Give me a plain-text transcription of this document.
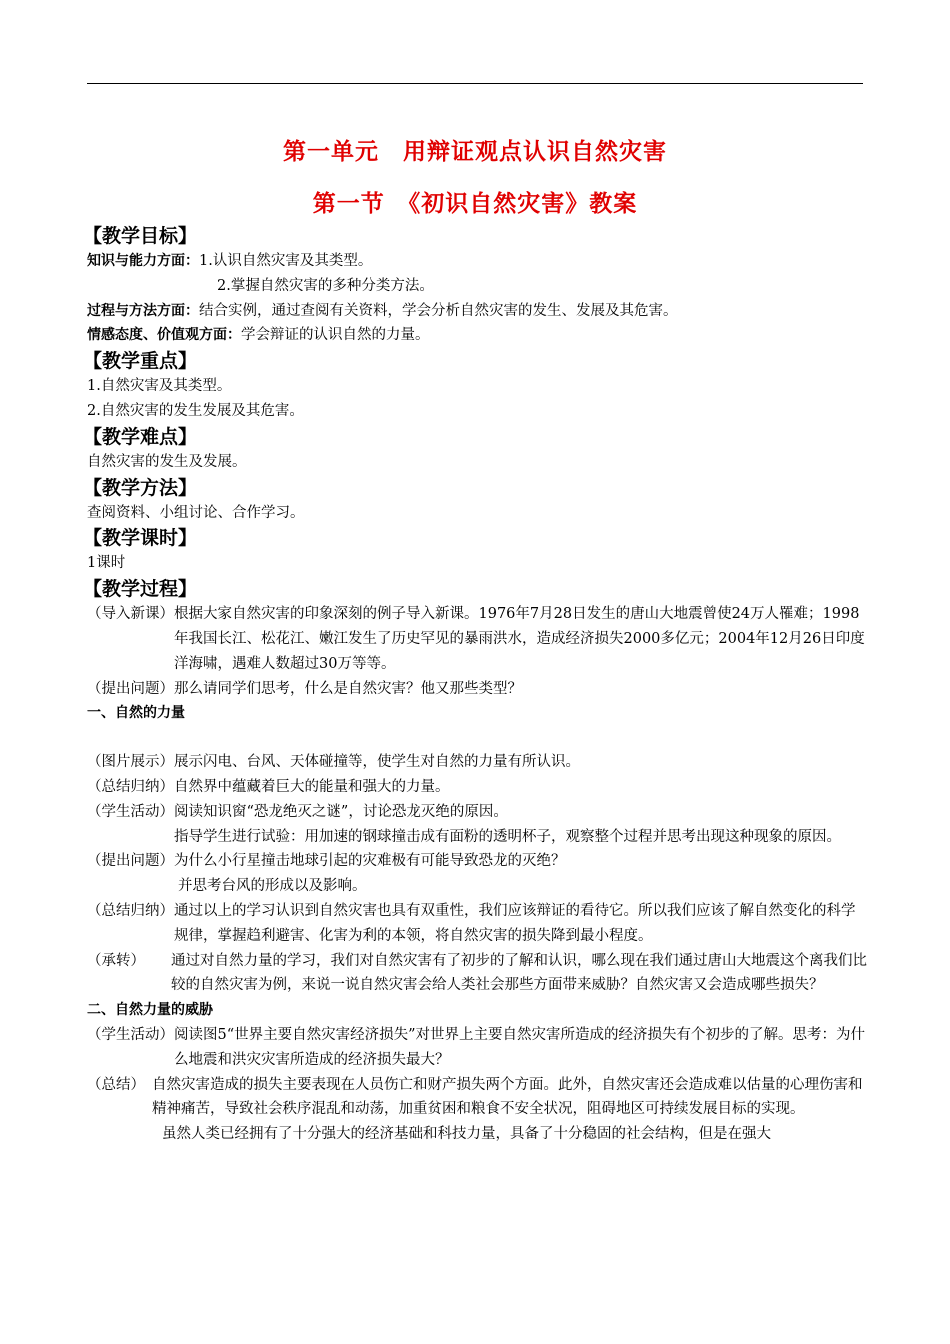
第一单元　用辩证观点认识自然灾害
第一节　《初识自然灾害》教案
【教学目标】
知识与能力方面：1.认识自然灾害及其类型。
2.掌握自然灾害的多种分类方法。
过程与方法方面：结合实例，通过查阅有关资料，学会分析自然灾害的发生、发展及其危害。
情感态度、价值观方面：学会辩证的认识自然的力量。
【教学重点】
1.自然灾害及其类型。
2.自然灾害的发生发展及其危害。
【教学难点】
自然灾害的发生及发展。
【教学方法】
查阅资料、小组讨论、合作学习。
【教学课时】
1课时
【教学过程】
（导入新课） 根据大家自然灾害的印象深刻的例子导入新课。1976年7月28日发生的唐山大地震曾使24万人罹难；1998年我国长江、松花江、嫩江发生了历史罕见的暴雨洪水，造成经济损失2000多亿元；2004年12月26日印度洋海啸，遇难人数超过30万等等。
（提出问题） 那么请同学们思考，什么是自然灾害？他又那些类型？
一、自然的力量
（图片展示） 展示闪电、台风、天体碰撞等，使学生对自然的力量有所认识。
（总结归纳） 自然界中蕴藏着巨大的能量和强大的力量。
（学生活动） 阅读知识窗“恐龙绝灭之谜”，讨论恐龙灭绝的原因。
指导学生进行试验：用加速的钢球撞击成有面粉的透明杯子，观察整个过程并思考出现这种现象的原因。
（提出问题） 为什么小行星撞击地球引起的灾难极有可能导致恐龙的灭绝？
并思考台风的形成以及影响。
（总结归纳） 通过以上的学习认识到自然灾害也具有双重性，我们应该辩证的看待它。所以我们应该了解自然变化的科学规律，掌握趋利避害、化害为利的本领，将自然灾害的损失降到最小程度。
（承转）	通过对自然力量的学习，我们对自然灾害有了初步的了解和认识，哪么现在我们通过唐山大地震这个离我们比较的自然灾害为例，来说一说自然灾害会给人类社会那些方面带来威胁？自然灾害又会造成哪些损失？
二、自然力量的威胁
（学生活动） 阅读图5“世界主要自然灾害经济损失”对世界上主要自然灾害所造成的经济损失有个初步的了解。思考：为什么地震和洪灾灾害所造成的经济损失最大？
（总结） 自然灾害造成的损失主要表现在人员伤亡和财产损失两个方面。此外，自然灾害还会造成难以估量的心理伤害和精神痛苦，导致社会秩序混乱和动荡，加重贫困和粮食不安全状况，阻碍地区可持续发展目标的实现。
虽然人类已经拥有了十分强大的经济基础和科技力量，具备了十分稳固的社会结构，但是在强大
